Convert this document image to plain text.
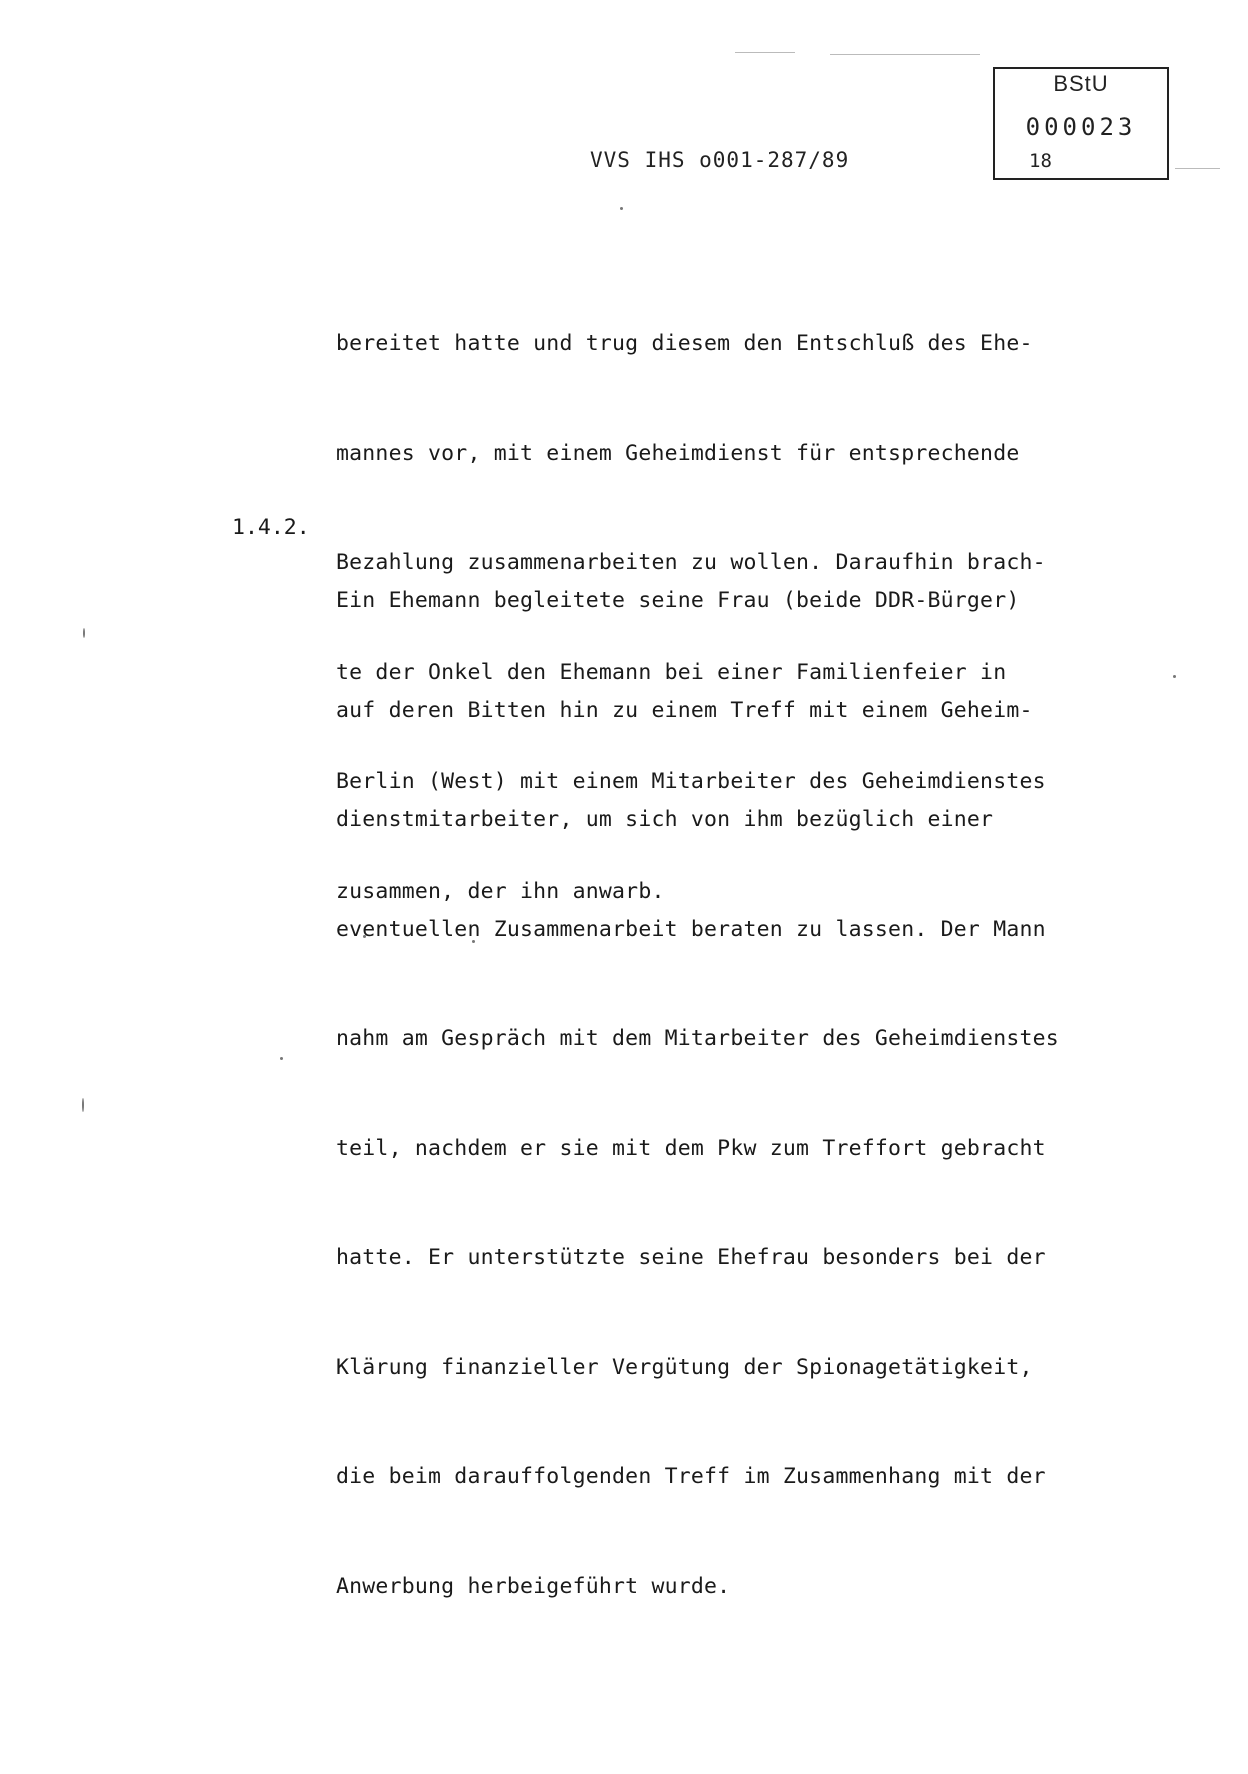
BStU
000023
18
VVS IHS o001-287/89

bereitet hatte und trug diesem den Entschluß des Ehe-

mannes vor, mit einem Geheimdienst für entsprechende

Bezahlung zusammenarbeiten zu wollen. Daraufhin brach-

te der Onkel den Ehemann bei einer Familienfeier in

Berlin (West) mit einem Mitarbeiter des Geheimdienstes

zusammen, der ihn anwarb.

1.4.2.

Ein Ehemann begleitete seine Frau (beide DDR-Bürger)

auf deren Bitten hin zu einem Treff mit einem Geheim-

dienstmitarbeiter, um sich von ihm bezüglich einer

eventuellen Zusammenarbeit beraten zu lassen. Der Mann

nahm am Gespräch mit dem Mitarbeiter des Geheimdienstes

teil, nachdem er sie mit dem Pkw zum Treffort gebracht

hatte. Er unterstützte seine Ehefrau besonders bei der

Klärung finanzieller Vergütung der Spionagetätigkeit,

die beim darauffolgenden Treff im Zusammenhang mit der

Anwerbung herbeigeführt wurde.
